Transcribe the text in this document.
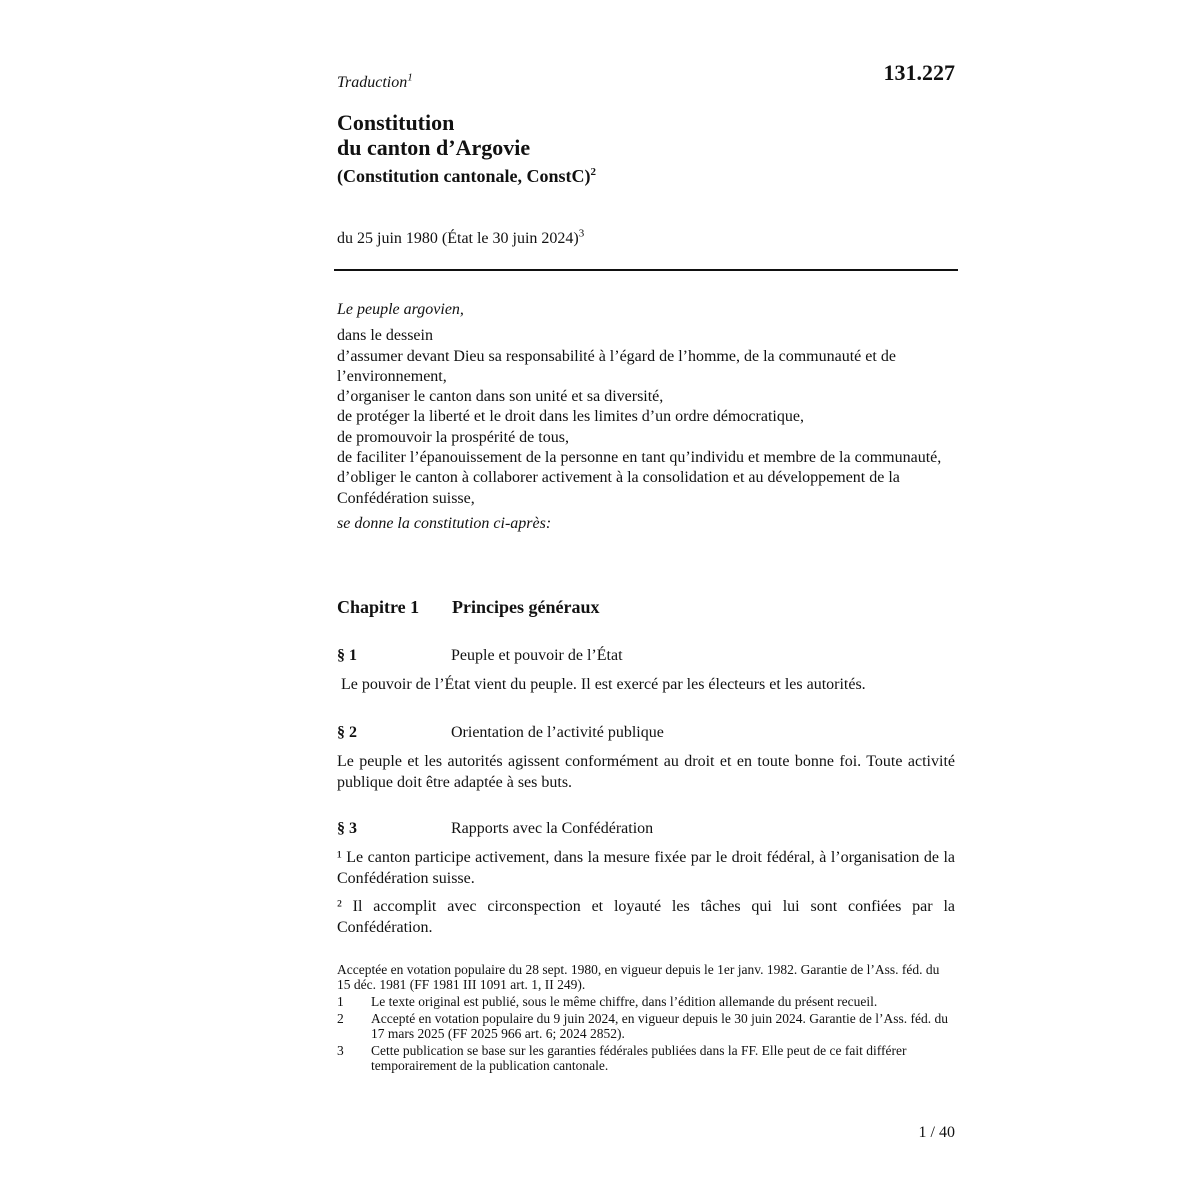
131.227
Traduction$^1$
Constitution
du canton d’Argovie
(Constitution cantonale, ConstC)$^2$
du 25 juin 1980 (État le 30 juin 2024)$^3$
Le peuple argovien,
dans le dessein
d’assumer devant Dieu sa responsabilité à l’égard de l’homme, de la communauté et de l’environnement,
d’organiser le canton dans son unité et sa diversité,
de protéger la liberté et le droit dans les limites d’un ordre démocratique,
de promouvoir la prospérité de tous,
de faciliter l’épanouissement de la personne en tant qu’individu et membre de la communauté,
d’obliger le canton à collaborer activement à la consolidation et au développement de la Confédération suisse,
se donne la constitution ci-après:
Chapitre 1 Principes généraux
§ 1	Peuple et pouvoir de l’État

Le pouvoir de l’État vient du peuple. Il est exercé par les électeurs et les autorités.

§ 2	Orientation de l’activité publique

Le peuple et les autorités agissent conformément au droit et en toute bonne foi. Toute activité publique doit être adaptée à ses buts.

§ 3	Rapports avec la Confédération

¹ Le canton participe activement, dans la mesure fixée par le droit fédéral, à l’organisation de la Confédération suisse.

² Il accomplit avec circonspection et loyauté les tâches qui lui sont confiées par la Confédération.

Acceptée en votation populaire du 28 sept. 1980, en vigueur depuis le 1er janv. 1982. Garantie de l’Ass. féd. du 15 déc. 1981 (FF 1981 III 1091 art. 1, II 249).
1	Le texte original est publié, sous le même chiffre, dans l’édition allemande du présent recueil.
2	Accepté en votation populaire du 9 juin 2024, en vigueur depuis le 30 juin 2024. Garantie de l’Ass. féd. du 17 mars 2025 (FF 2025 966 art. 6; 2024 2852).
3	Cette publication se base sur les garanties fédérales publiées dans la FF. Elle peut de ce fait différer temporairement de la publication cantonale.
1 / 40
